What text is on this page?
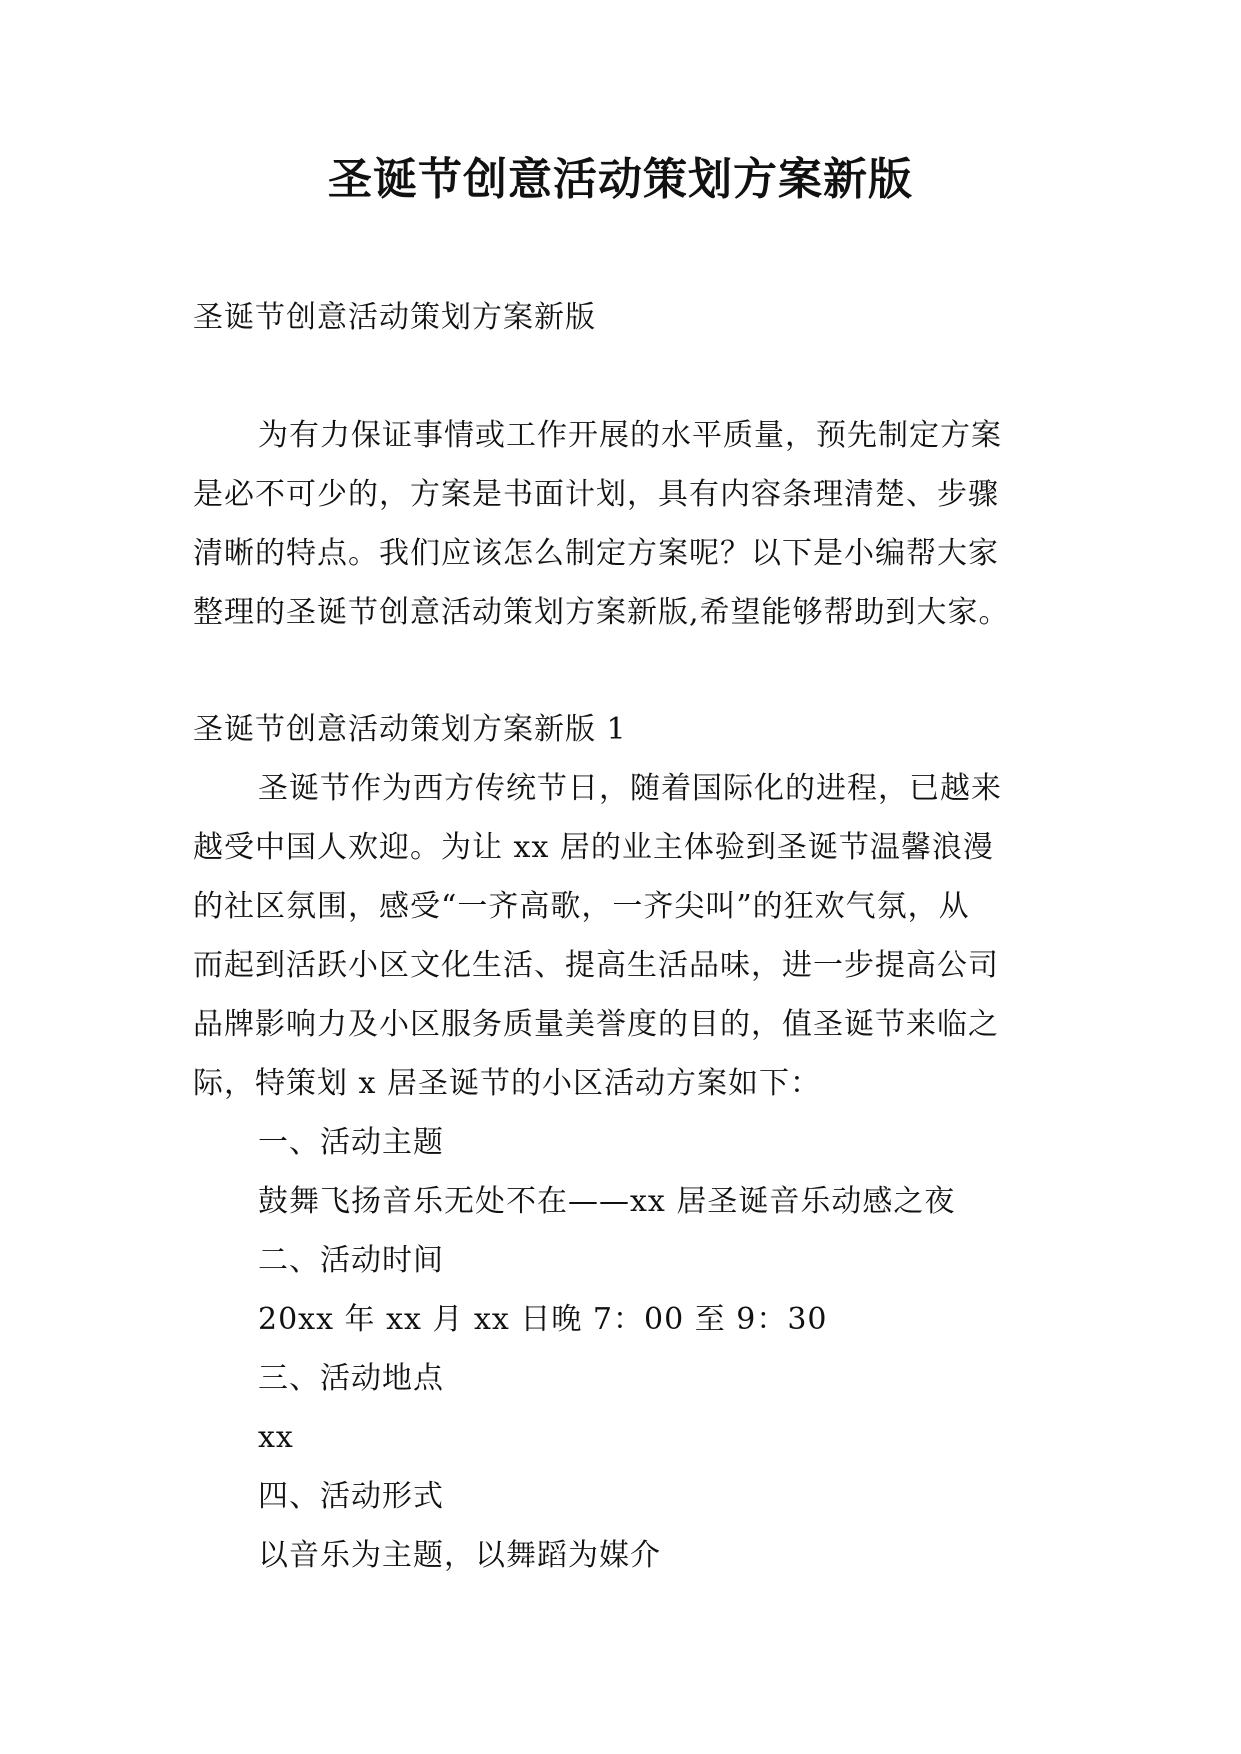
圣诞节创意活动策划方案新版

圣诞节创意活动策划方案新版

为有力保证事情或工作开展的水平质量，预先制定方案

是必不可少的，方案是书面计划，具有内容条理清楚、步骤

清晰的特点。我们应该怎么制定方案呢？以下是小编帮大家

整理的圣诞节创意活动策划方案新版,希望能够帮助到大家。

圣诞节创意活动策划方案新版 1

圣诞节作为西方传统节日，随着国际化的进程，已越来

越受中国人欢迎。为让 xx 居的业主体验到圣诞节温馨浪漫

的社区氛围，感受“一齐高歌，一齐尖叫”的狂欢气氛，从

而起到活跃小区文化生活、提高生活品味，进一步提高公司

品牌影响力及小区服务质量美誉度的目的，值圣诞节来临之

际，特策划 x 居圣诞节的小区活动方案如下：

一、活动主题

鼓舞飞扬音乐无处不在——xx 居圣诞音乐动感之夜

二、活动时间

20xx 年 xx 月 xx 日晚 7：00 至 9：30

三、活动地点

xx

四、活动形式

以音乐为主题，以舞蹈为媒介
